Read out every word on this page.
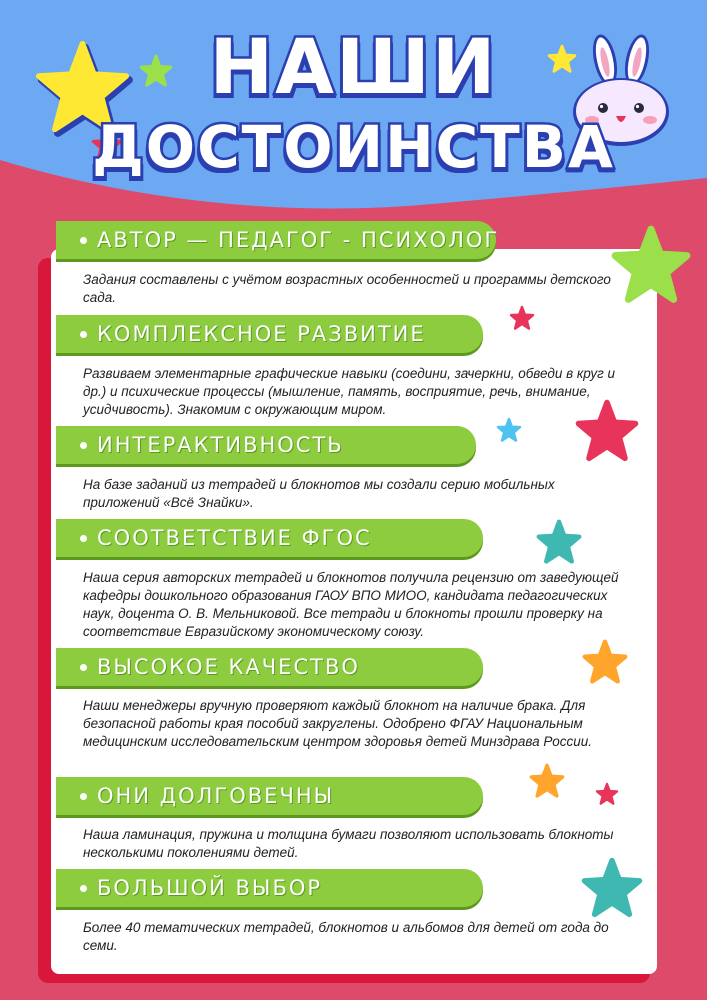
НАШИ
ДОСТОИНСТВА
АВТОР — ПЕДАГОГ - ПСИХОЛОГ
Задания составлены с учётом возрастных особенностей и программы детского сада.
КОМПЛЕКСНОЕ РАЗВИТИЕ
Развиваем элементарные графические навыки (соедини, зачеркни, обведи в круг и др.) и психические процессы (мышление, память, восприятие, речь, внимание, усидчивость). Знакомим с окружающим миром.
ИНТЕРАКТИВНОСТЬ
На базе заданий из тетрадей и блокнотов мы создали серию мобильных приложений «Всё Знайки».
СООТВЕТСТВИЕ ФГОС
Наша серия авторских тетрадей и блокнотов получила рецензию от заведующей кафедры дошкольного образования ГАОУ ВПО МИОО, кандидата педагогических наук, доцента О. В. Мельниковой. Все тетради и блокноты прошли проверку на соответствие Евразийскому экономическому союзу.
ВЫСОКОЕ КАЧЕСТВО
Наши менеджеры вручную проверяют каждый блокнот на наличие брака. Для безопасной работы края пособий закруглены. Одобрено ФГАУ Национальным медицинским исследовательским центром здоровья детей Минздрава России.
ОНИ ДОЛГОВЕЧНЫ
Наша ламинация, пружина и толщина бумаги позволяют использовать блокноты несколькими поколениями детей.
БОЛЬШОЙ ВЫБОР
Более 40 тематических тетрадей, блокнотов и альбомов для детей от года до семи.
